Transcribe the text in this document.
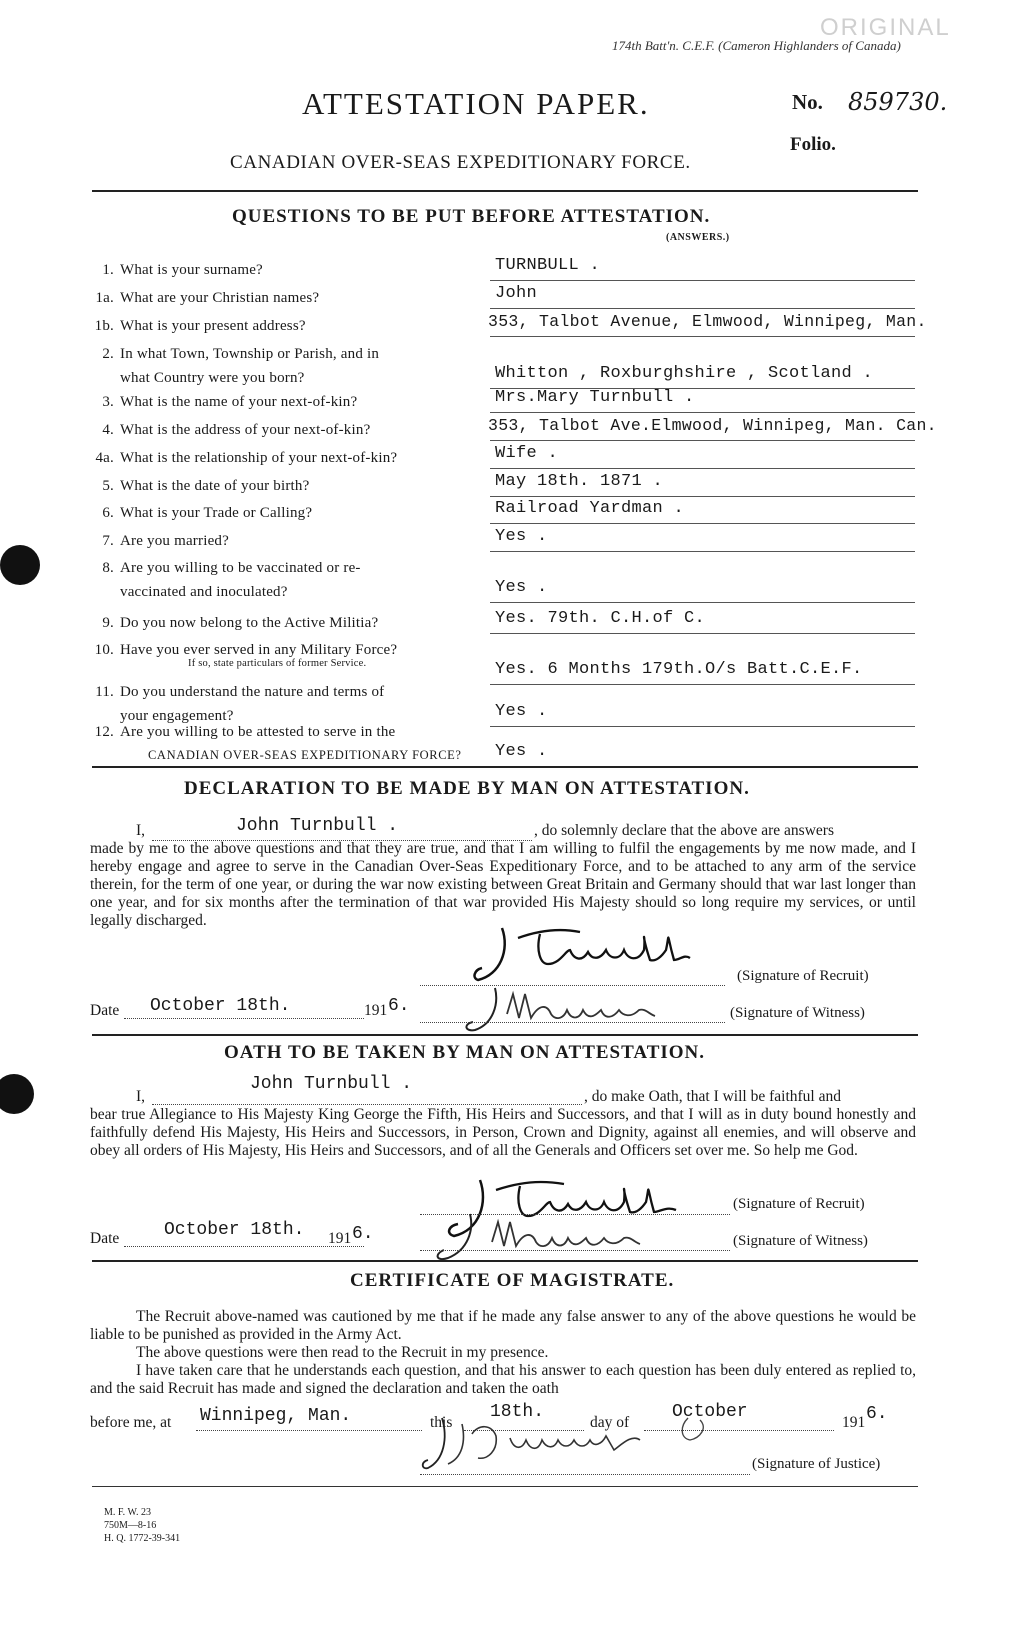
174th Batt'n. C.E.F. (Cameron Highlanders of Canada)
ORIGINAL
ATTESTATION PAPER.	No. 859730.
Folio.
CANADIAN OVER-SEAS EXPEDITIONARY FORCE.
QUESTIONS TO BE PUT BEFORE ATTESTATION.
(ANSWERS.)
1. What is your surname?	TURNBULL .
1a. What are your Christian names?	John
1b. What is your present address?	353, Talbot Avenue, Elmwood, Winnipeg, Man.
2. In what Town, Township or Parish, and in
what Country were you born?	Whitton , Roxburghshire , Scotland .
3. What is the name of your next-of-kin?	Mrs.Mary Turnbull .
4. What is the address of your next-of-kin?	353, Talbot Ave.Elmwood, Winnipeg, Man. Can.
4a. What is the relationship of your next-of-kin?	Wife .
5. What is the date of your birth?	May 18th. 1871 .
6. What is your Trade or Calling?	Railroad Yardman .
7. Are you married?	Yes .
8. Are you willing to be vaccinated or re-
vaccinated and inoculated?	Yes .
9. Do you now belong to the Active Militia?	Yes. 79th. C.H.of C.
10. Have you ever served in any Military Force?
If so, state particulars of former Service.	Yes. 6 Months 179th.O/s Batt.C.E.F.
11. Do you understand the nature and terms of
your engagement?	Yes .
12. Are you willing to be attested to serve in the
CANADIAN OVER-SEAS EXPEDITIONARY FORCE? Yes .
DECLARATION TO BE MADE BY MAN ON ATTESTATION.
I,	John Turnbull .	, do solemnly declare that the above are answers
made by me to the above questions and that they are true, and that I am willing to fulfil the engagements by me now made, and I hereby engage and agree to serve in the Canadian Over-Seas Expeditionary Force, and to be attached to any arm of the service therein, for the term of one year, or during the war now existing between Great Britain and Germany should that war last longer than one year, and for six months after the termination of that war provided His Majesty should so long require my services, or until legally discharged.
(Signature of Recruit)
Date October 18th.	191 6.	(Signature of Witness)
OATH TO BE TAKEN BY MAN ON ATTESTATION.
I,
John Turnbull .
, do make Oath, that I will be faithful and
bear true Allegiance to His Majesty King George the Fifth, His Heirs and Successors, and that I will as in duty bound honestly and faithfully defend His Majesty, His Heirs and Successors, in Person, Crown and Dignity, against all enemies, and will observe and obey all orders of His Majesty, His Heirs and Successors, and of all the Generals and Officers set over me. So help me God.
(Signature of Recruit)
Date October 18th. 191 6.	(Signature of Witness)
CERTIFICATE OF MAGISTRATE.
The Recruit above-named was cautioned by me that if he made any false answer to any of the above questions he would be liable to be punished as provided in the Army Act.
The above questions were then read to the Recruit in my presence.
I have taken care that he understands each question, and that his answer to each question has been duly entered as replied to, and the said Recruit has made and signed the declaration and taken the oath
before me, at Winnipeg, Man.	this
18th.
day of
October
191 6.
(Signature of Justice)
M. F. W. 23
750M—8-16
H. Q. 1772-39-341
